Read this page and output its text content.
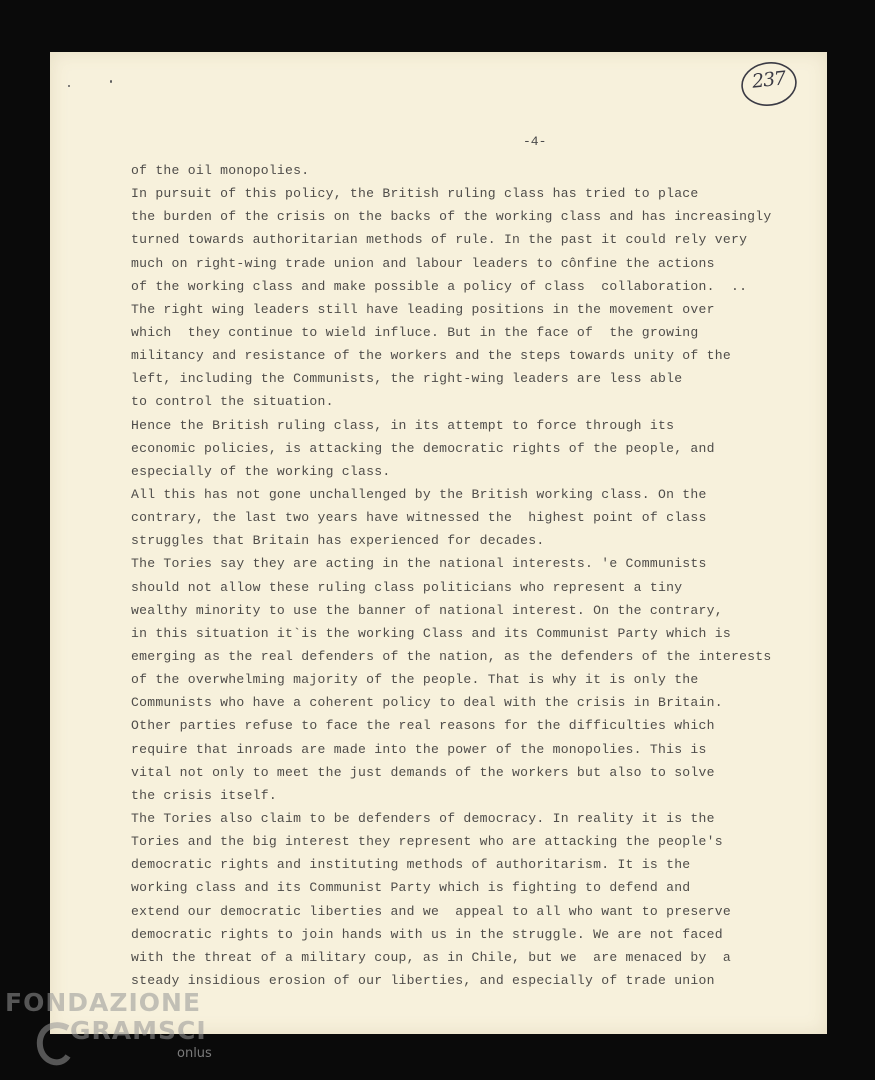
237
-4-
of the oil monopolies.
In pursuit of this policy, the British ruling class has tried to place
the burden of the crisis on the backs of the working class and has increasingly
turned towards authoritarian methods of rule. In the past it could rely very
much on right-wing trade union and labour leaders to cônfine the actions
of the working class and make possible a policy of class  collaboration.  ..
The right wing leaders still have leading positions in the movement over
which  they continue to wield influce. But in the face of  the growing
militancy and resistance of the workers and the steps towards unity of the
left, including the Communists, the right-wing leaders are less able
to control the situation.
Hence the British ruling class, in its attempt to force through its
economic policies, is attacking the democratic rights of the people, and
especially of the working class.
All this has not gone unchallenged by the British working class. On the
contrary, the last two years have witnessed the  highest point of class
struggles that Britain has experienced for decades.
The Tories say they are acting in the national interests. 'e Communists
should not allow these ruling class politicians who represent a tiny
wealthy minority to use the banner of national interest. On the contrary,
in this situation it`is the working Class and its Communist Party which is
emerging as the real defenders of the nation, as the defenders of the interests
of the overwhelming majority of the people. That is why it is only the
Communists who have a coherent policy to deal with the crisis in Britain.
Other parties refuse to face the real reasons for the difficulties which
require that inroads are made into the power of the monopolies. This is
vital not only to meet the just demands of the workers but also to solve
the crisis itself.
The Tories also claim to be defenders of democracy. In reality it is the
Tories and the big interest they represent who are attacking the people's
democratic rights and instituting methods of authoritarism. It is the
working class and its Communist Party which is fighting to defend and
extend our democratic liberties and we  appeal to all who want to preserve
democratic rights to join hands with us in the struggle. We are not faced
with the threat of a military coup, as in Chile, but we  are menaced by  a
steady insidious erosion of our liberties, and especially of trade union
FONDAZIONE
GRAMSCI
onlus
